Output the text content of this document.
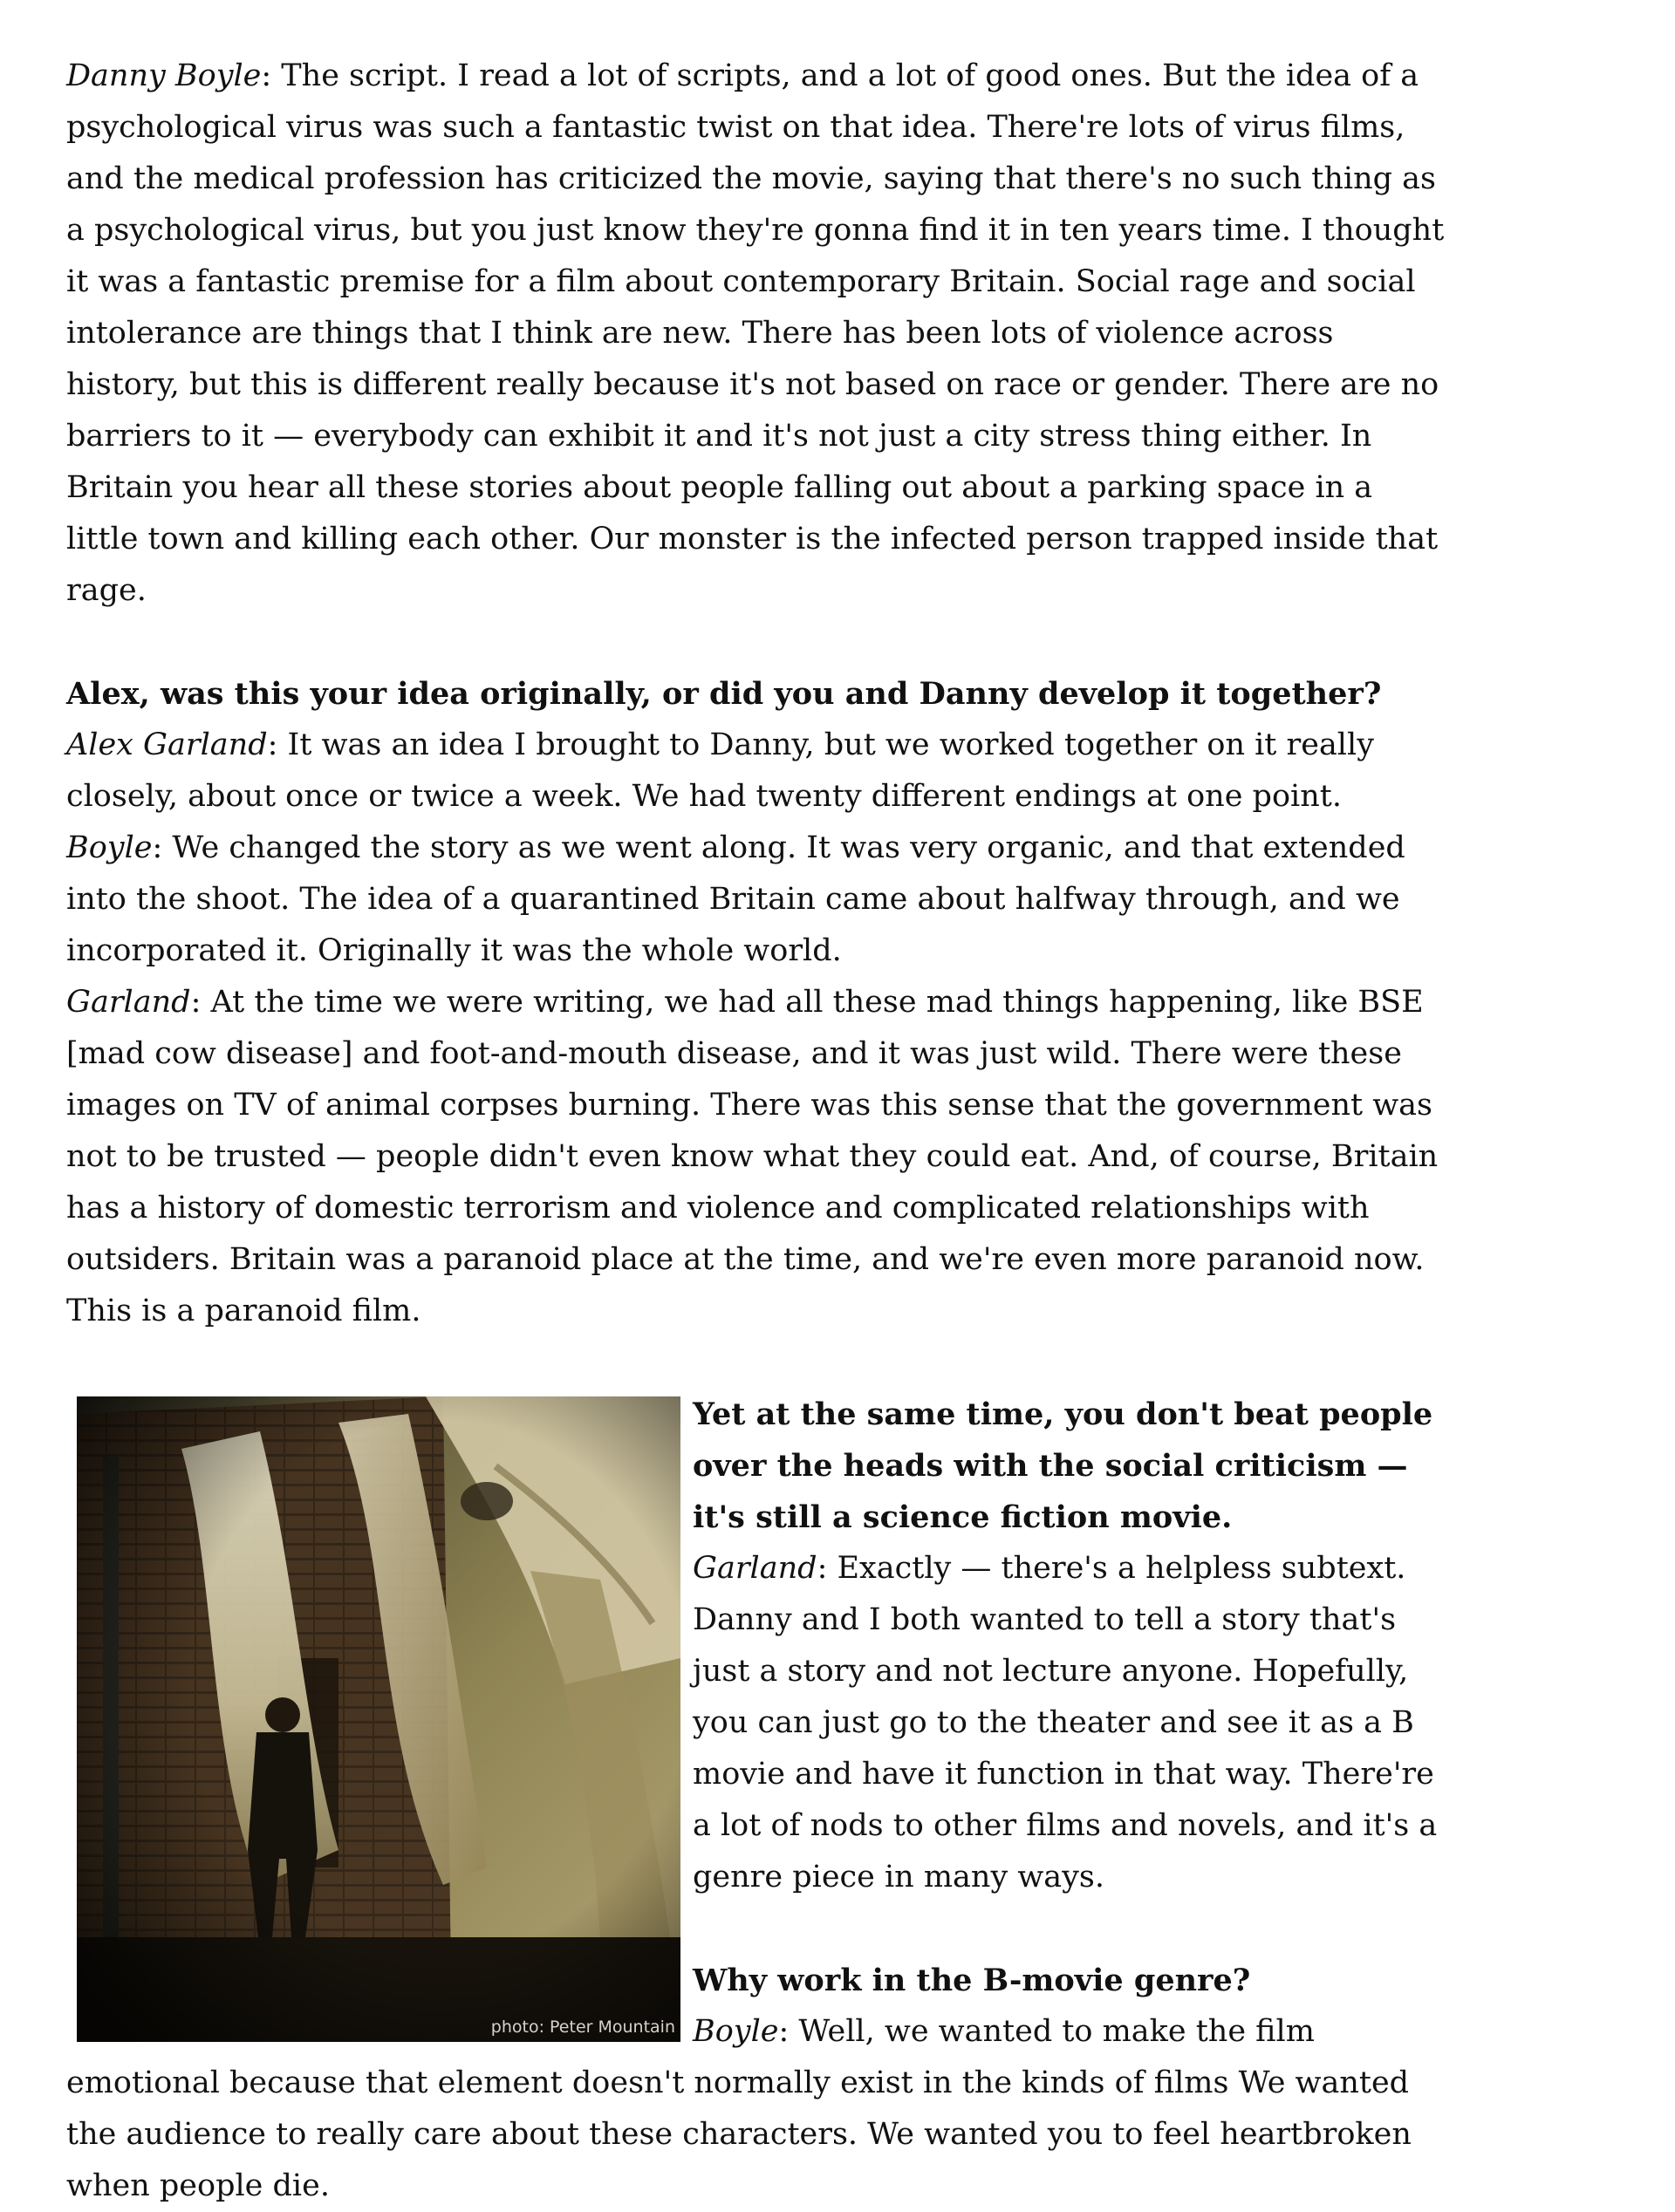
Danny Boyle: The script. I read a lot of scripts, and a lot of good ones. But the idea of a psychological virus was such a fantastic twist on that idea. There're lots of virus films, and the medical profession has criticized the movie, saying that there's no such thing as a psychological virus, but you just know they're gonna find it in ten years time. I thought it was a fantastic premise for a film about contemporary Britain. Social rage and social intolerance are things that I think are new. There has been lots of violence across history, but this is different really because it's not based on race or gender. There are no barriers to it — everybody can exhibit it and it's not just a city stress thing either. In Britain you hear all these stories about people falling out about a parking space in a little town and killing each other. Our monster is the infected person trapped inside that rage.

Alex, was this your idea originally, or did you and Danny develop it together?

Alex Garland: It was an idea I brought to Danny, but we worked together on it really closely, about once or twice a week. We had twenty different endings at one point.

Boyle: We changed the story as we went along. It was very organic, and that extended into the shoot. The idea of a quarantined Britain came about halfway through, and we incorporated it. Originally it was the whole world.

Garland: At the time we were writing, we had all these mad things happening, like BSE [mad cow disease] and foot-and-mouth disease, and it was just wild. There were these images on TV of animal corpses burning. There was this sense that the government was not to be trusted — people didn't even know what they could eat. And, of course, Britain has a history of domestic terrorism and violence and complicated relationships with outsiders. Britain was a paranoid place at the time, and we're even more paranoid now. This is a paranoid film.

photo: Peter Mountain

Yet at the same time, you don't beat people over the heads with the social criticism — it's still a science fiction movie.

Garland: Exactly — there's a helpless subtext. Danny and I both wanted to tell a story that's just a story and not lecture anyone. Hopefully, you can just go to the theater and see it as a B movie and have it function in that way. There're a lot of nods to other films and novels, and it's a genre piece in many ways.

Why work in the B-movie genre?

Boyle: Well, we wanted to make the film emotional because that element doesn't normally exist in the kinds of films We wanted the audience to really care about these characters. We wanted you to feel heartbroken when people die.
